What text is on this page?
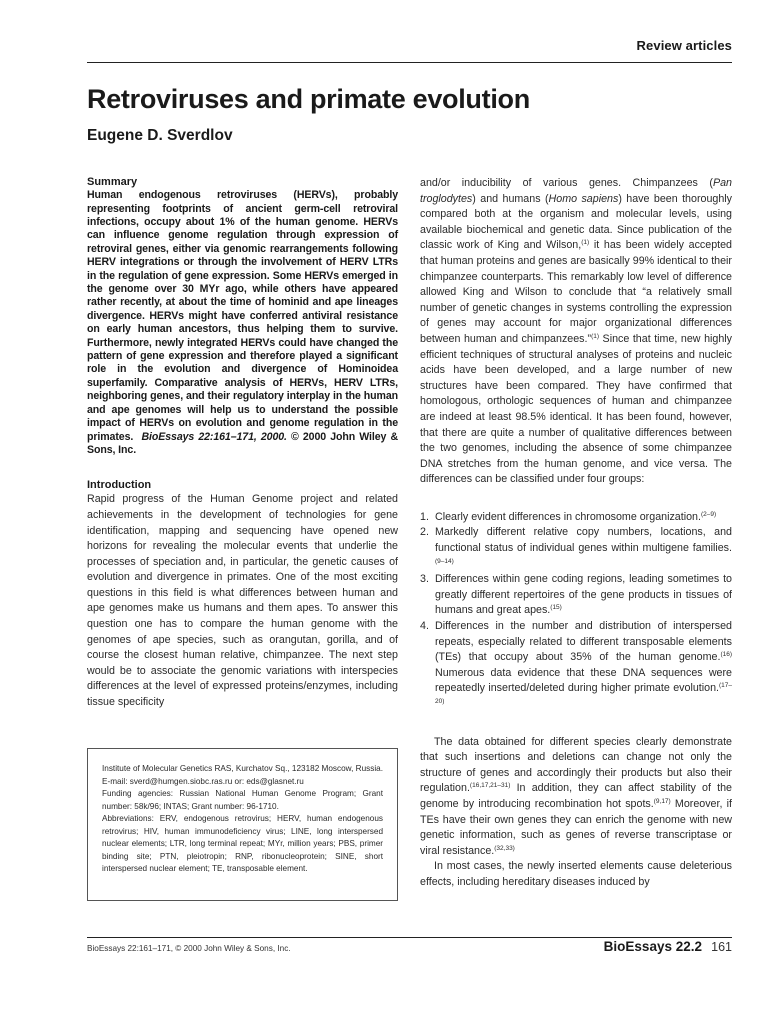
Review articles
Retroviruses and primate evolution
Eugene D. Sverdlov

Summary

Human endogenous retroviruses (HERVs), probably representing footprints of ancient germ-cell retroviral infections, occupy about 1% of the human genome. HERVs can influence genome regulation through expression of retroviral genes, either via genomic rearrangements following HERV integrations or through the involvement of HERV LTRs in the regulation of gene expression. Some HERVs emerged in the genome over 30 MYr ago, while others have appeared rather recently, at about the time of hominid and ape lineages divergence. HERVs might have conferred antiviral resistance on early human ancestors, thus helping them to survive. Furthermore, newly integrated HERVs could have changed the pattern of gene expression and therefore played a significant role in the evolution and divergence of Hominoidea superfamily. Comparative analysis of HERVs, HERV LTRs, neighboring genes, and their regulatory interplay in the human and ape genomes will help us to understand the possible impact of HERVs on evolution and genome regulation in the primates. BioEssays 22:161–171, 2000. © 2000 John Wiley & Sons, Inc.

Introduction

Rapid progress of the Human Genome project and related achievements in the development of technologies for gene identification, mapping and sequencing have opened new horizons for revealing the molecular events that underlie the processes of speciation and, in particular, the genetic causes of evolution and divergence in primates. One of the most exciting questions in this field is what differences between human and ape genomes make us humans and them apes. To answer this question one has to compare the human genome with the genomes of ape species, such as orangutan, gorilla, and of course the closest human relative, chimpanzee. The next step would be to associate the genomic variations with interspecies differences at the level of expressed proteins/enzymes, including tissue specificity

and/or inducibility of various genes. Chimpanzees (Pan troglodytes) and humans (Homo sapiens) have been thoroughly compared both at the organism and molecular levels, using available biochemical and genetic data. Since publication of the classic work of King and Wilson,$^{(1)}$ it has been widely accepted that human proteins and genes are basically 99% identical to their chimpanzee counterparts. This remarkably low level of difference allowed King and Wilson to conclude that “a relatively small number of genetic changes in systems controlling the expression of genes may account for major organizational differences between human and chimpanzees.”$^{(1)}$ Since that time, new highly efficient techniques of structural analyses of proteins and nucleic acids have been developed, and a large number of new structures have been compared. They have confirmed that homologous, orthologic sequences of human and chimpanzee are indeed at least 98.5% identical. It has been found, however, that there are quite a number of qualitative differences between the two genomes, including the absence of some chimpanzee DNA stretches from the human genome, and vice versa. The differences can be classified under four groups:

1. Clearly evident differences in chromosome organization.$^{(2-9)}$
2. Markedly different relative copy numbers, locations, and functional status of individual genes within multigene families.$^{(9-14)}$
3. Differences within gene coding regions, leading sometimes to greatly different repertoires of the gene products in tissues of humans and great apes.$^{(15)}$
4. Differences in the number and distribution of interspersed repeats, especially related to different transposable elements (TEs) that occupy about 35% of the human genome.$^{(16)}$ Numerous data evidence that these DNA sequences were repeatedly inserted/deleted during higher primate evolution.$^{(17-20)}$

The data obtained for different species clearly demonstrate that such insertions and deletions can change not only the structure of genes and accordingly their products but also their regulation.$^{(16,17,21-31)}$ In addition, they can affect stability of the genome by introducing recombination hot spots.$^{(9,17)}$ Moreover, if TEs have their own genes they can enrich the genome with new genetic information, such as genes of reverse transcriptase or viral resistance.$^{(32,33)}$

In most cases, the newly inserted elements cause deleterious effects, including hereditary diseases induced by

Institute of Molecular Genetics RAS, Kurchatov Sq., 123182 Moscow, Russia. E-mail: sverd@humgen.siobc.ras.ru or: eds@glasnet.ru

Funding agencies: Russian National Human Genome Program; Grant number: 58k/96; INTAS; Grant number: 96-1710.

Abbreviations: ERV, endogenous retrovirus; HERV, human endogenous retrovirus; HIV, human immunodeficiency virus; LINE, long interspersed nuclear elements; LTR, long terminal repeat; MYr, million years; PBS, primer binding site; PTN, pleiotropin; RNP, ribonucleoprotein; SINE, short interspersed nuclear element; TE, transposable element.

BioEssays 22:161–171, © 2000 John Wiley & Sons, Inc.	BioEssays 22.2 161
